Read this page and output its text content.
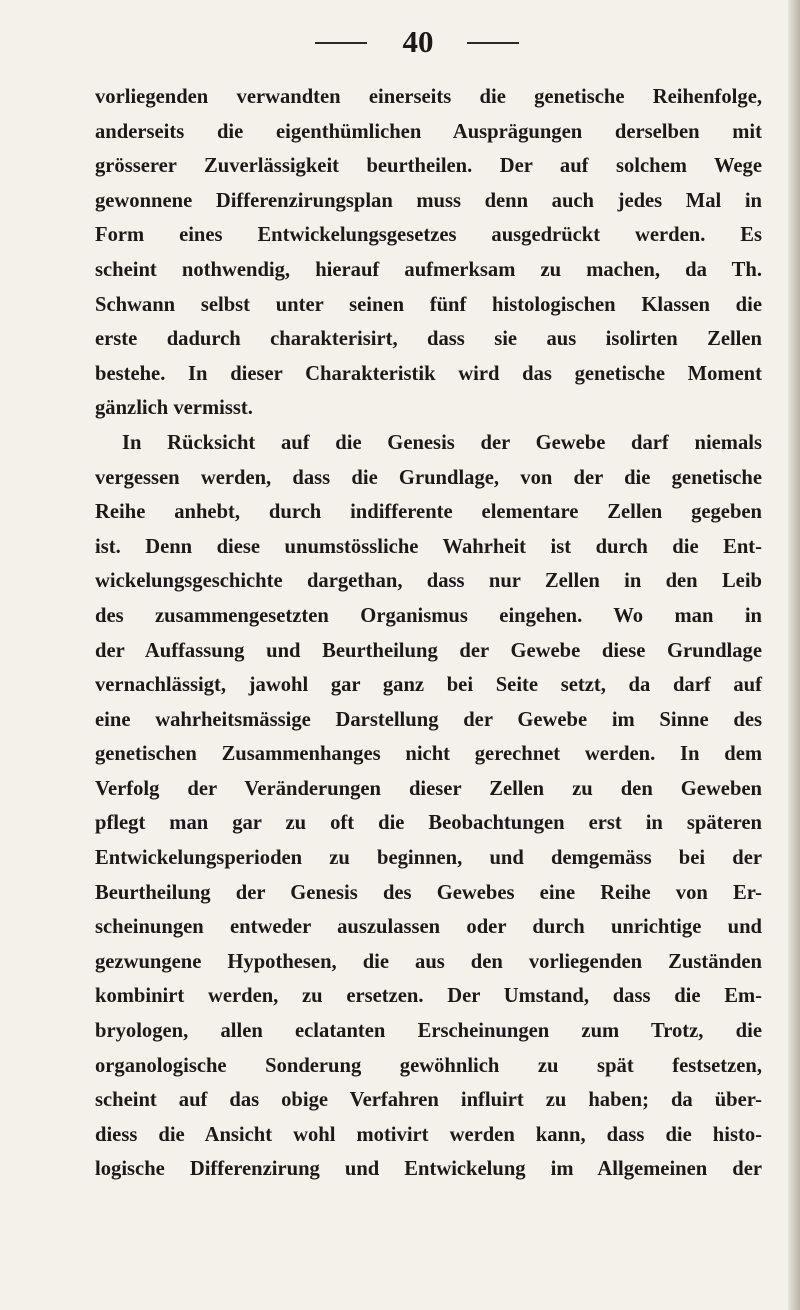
40

vorliegenden verwandten einerseits die genetische Reihenfolge,
anderseits die eigenthümlichen Ausprägungen derselben mit
grösserer Zuverlässigkeit beurtheilen. Der auf solchem Wege
gewonnene Differenzirungsplan muss denn auch jedes Mal in
Form eines Entwickelungsgesetzes ausgedrückt werden. Es
scheint nothwendig, hierauf aufmerksam zu machen, da Th.
Schwann selbst unter seinen fünf histologischen Klassen die
erste dadurch charakterisirt, dass sie aus isolirten Zellen
bestehe. In dieser Charakteristik wird das genetische Moment
gänzlich vermisst.

In Rücksicht auf die Genesis der Gewebe darf niemals
vergessen werden, dass die Grundlage, von der die genetische
Reihe anhebt, durch indifferente elementare Zellen gegeben
ist. Denn diese unumstössliche Wahrheit ist durch die Ent-
wickelungsgeschichte dargethan, dass nur Zellen in den Leib
des zusammengesetzten Organismus eingehen. Wo man in
der Auffassung und Beurtheilung der Gewebe diese Grundlage
vernachlässigt, jawohl gar ganz bei Seite setzt, da darf auf
eine wahrheitsmässige Darstellung der Gewebe im Sinne des
genetischen Zusammenhanges nicht gerechnet werden. In dem
Verfolg der Veränderungen dieser Zellen zu den Geweben
pflegt man gar zu oft die Beobachtungen erst in späteren
Entwickelungsperioden zu beginnen, und demgemäss bei der
Beurtheilung der Genesis des Gewebes eine Reihe von Er-
scheinungen entweder auszulassen oder durch unrichtige und
gezwungene Hypothesen, die aus den vorliegenden Zuständen
kombinirt werden, zu ersetzen. Der Umstand, dass die Em-
bryologen, allen eclatanten Erscheinungen zum Trotz, die
organologische Sonderung gewöhnlich zu spät festsetzen,
scheint auf das obige Verfahren influirt zu haben; da über-
diess die Ansicht wohl motivirt werden kann, dass die histo-
logische Differenzirung und Entwickelung im Allgemeinen der
